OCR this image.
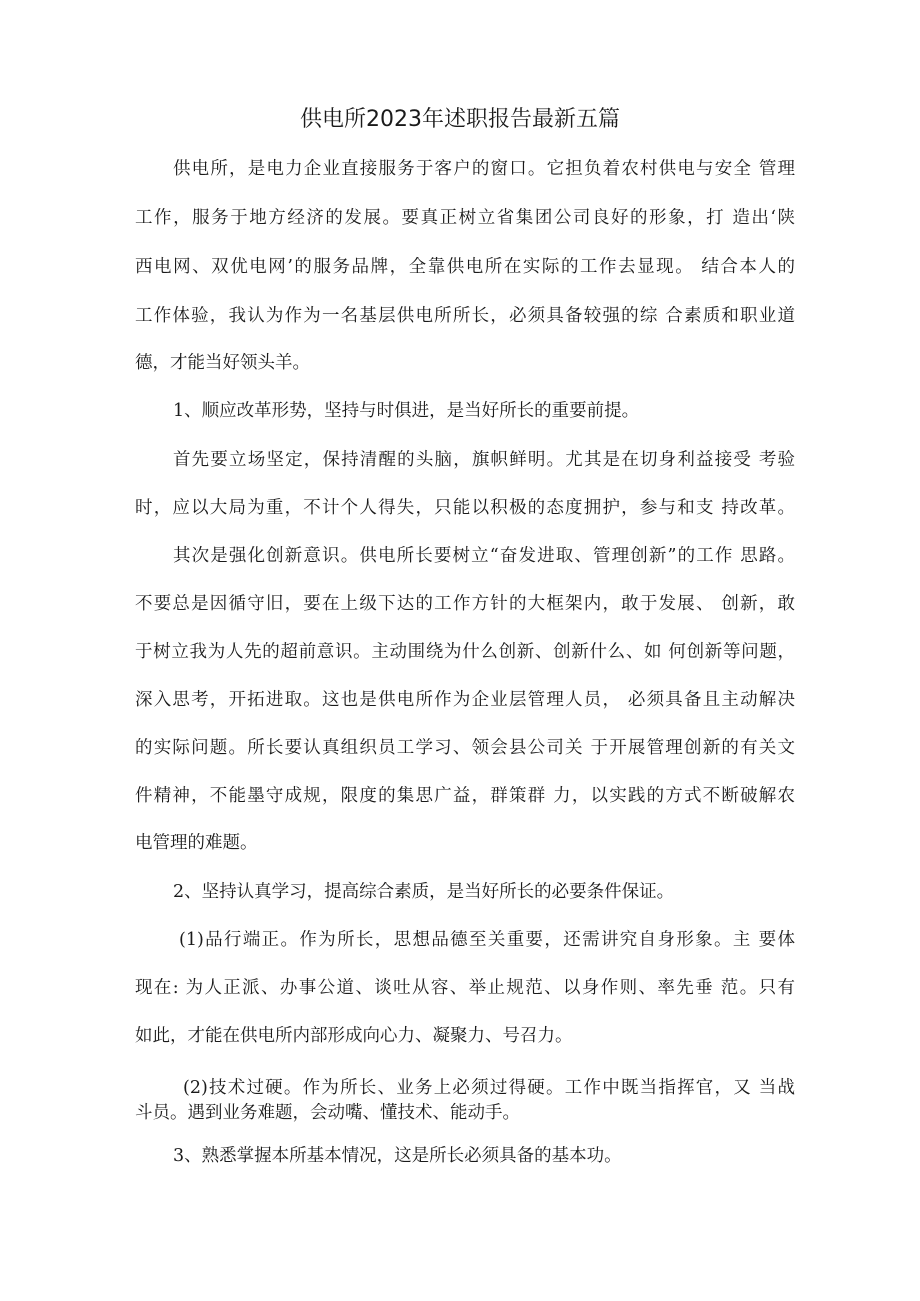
供电所2023年述职报告最新五篇
供电所，是电力企业直接服务于客户的窗口。它担负着农村供电与安全 管理
工作，服务于地方经济的发展。要真正树立省集团公司良好的形象，打 造出‘陕
西电网、双优电网’的服务品牌，全靠供电所在实际的工作去显现。 结合本人的
工作体验，我认为作为一名基层供电所所长，必须具备较强的综 合素质和职业道
德，才能当好领头羊。
1、顺应改革形势，坚持与时俱进，是当好所长的重要前提。
首先要立场坚定，保持清醒的头脑，旗帜鲜明。尤其是在切身利益接受 考验
时，应以大局为重，不计个人得失，只能以积极的态度拥护，参与和支 持改革。
其次是强化创新意识。供电所长要树立“奋发进取、管理创新”的工作 思路。
不要总是因循守旧，要在上级下达的工作方针的大框架内，敢于发展、 创新，敢
于树立我为人先的超前意识。主动围绕为什么创新、创新什么、如 何创新等问题，
深入思考，开拓进取。这也是供电所作为企业层管理人员， 必须具备且主动解决
的实际问题。所长要认真组织员工学习、领会县公司关 于开展管理创新的有关文
件精神，不能墨守成规，限度的集思广益，群策群 力，以实践的方式不断破解农
电管理的难题。
2、坚持认真学习，提高综合素质，是当好所长的必要条件保证。
(1)品行端正。作为所长，思想品德至关重要，还需讲究自身形象。主 要体
现在: 为人正派、办事公道、谈吐从容、举止规范、以身作则、率先垂 范。只有
如此，才能在供电所内部形成向心力、凝聚力、号召力。
(2)技术过硬。作为所长、业务上必须过得硬。工作中既当指挥官，又 当战
斗员。遇到业务难题，会动嘴、懂技术、能动手。
3、熟悉掌握本所基本情况，这是所长必须具备的基本功。
